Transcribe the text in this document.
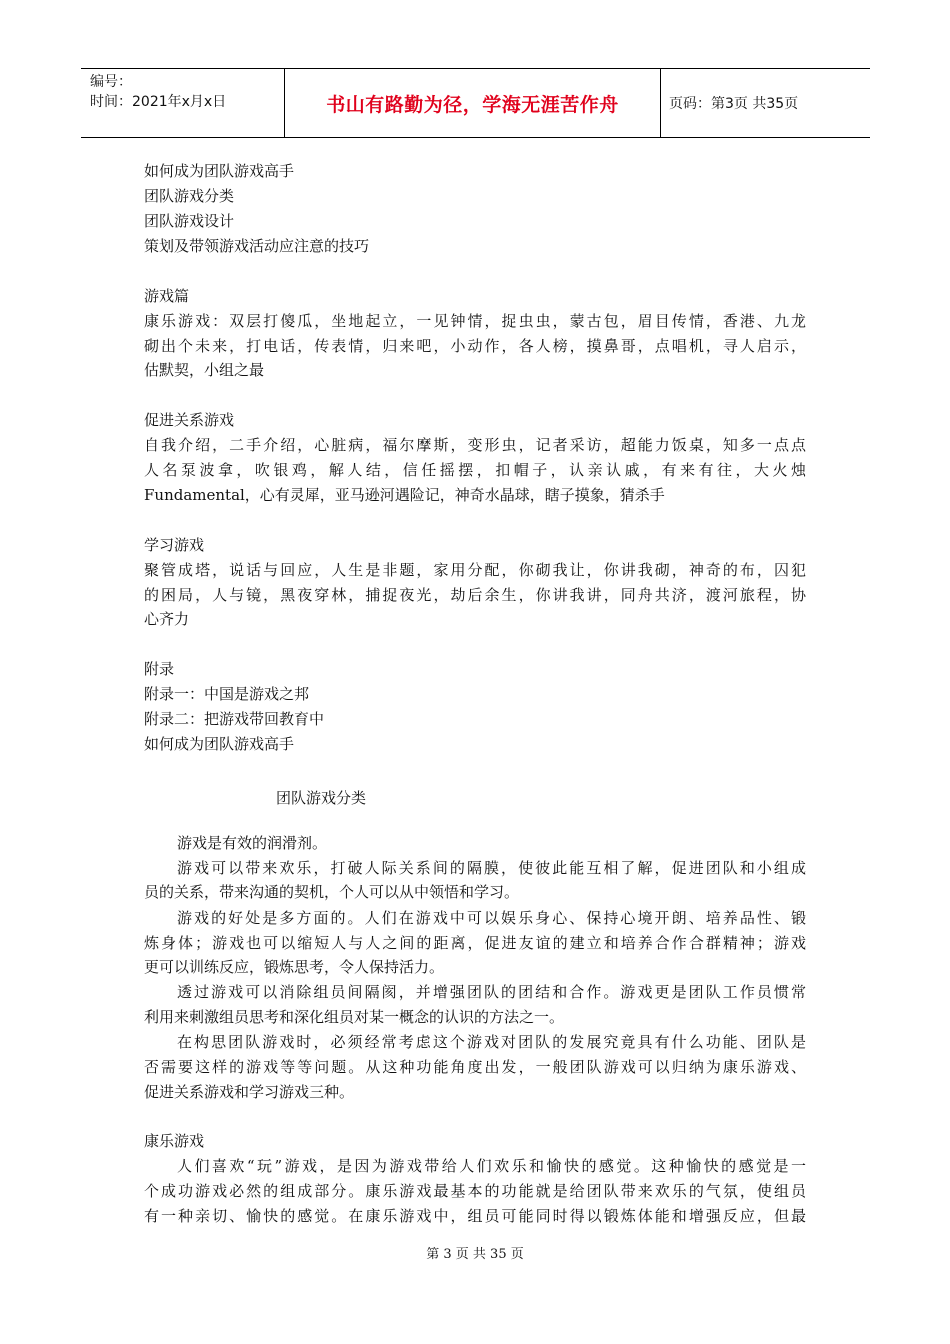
编号：
时间：2021年x月x日	书山有路勤为径，学海无涯苦作舟	页码：第3页 共35页
如何成为团队游戏高手
团队游戏分类
团队游戏设计
策划及带领游戏活动应注意的技巧
游戏篇
康乐游戏：双层打傻瓜，坐地起立，一见钟情，捉虫虫，蒙古包，眉目传情，香港、九龙
砌出个未来，打电话，传表情，归来吧，小动作，各人榜，摸鼻哥，点唱机，寻人启示，
估默契，小组之最
促进关系游戏
自我介绍，二手介绍，心脏病，福尔摩斯，变形虫，记者采访，超能力饭桌，知多一点点
人名泵波拿，吹银鸡，解人结，信任摇摆，扣帽子，认亲认戚，有来有往，大火烛
Fundamental，心有灵犀，亚马逊河遇险记，神奇水晶球，瞎子摸象，猜杀手
学习游戏
聚管成塔，说话与回应，人生是非题，家用分配，你砌我让，你讲我砌，神奇的布，囚犯
的困局，人与镜，黑夜穿林，捕捉夜光，劫后余生，你讲我讲，同舟共济，渡河旅程，协
心齐力
附录
附录一：中国是游戏之邦
附录二：把游戏带回教育中
如何成为团队游戏高手
团队游戏分类
游戏是有效的润滑剂。
游戏可以带来欢乐，打破人际关系间的隔膜，使彼此能互相了解，促进团队和小组成
员的关系，带来沟通的契机，个人可以从中领悟和学习。
游戏的好处是多方面的。人们在游戏中可以娱乐身心、保持心境开朗、培养品性、锻
炼身体；游戏也可以缩短人与人之间的距离，促进友谊的建立和培养合作合群精神；游戏
更可以训练反应，锻炼思考，令人保持活力。
透过游戏可以消除组员间隔阂，并增强团队的团结和合作。游戏更是团队工作员惯常
利用来刺激组员思考和深化组员对某一概念的认识的方法之一。
在构思团队游戏时，必须经常考虑这个游戏对团队的发展究竟具有什么功能、团队是
否需要这样的游戏等等问题。从这种功能角度出发，一般团队游戏可以归纳为康乐游戏、
促进关系游戏和学习游戏三种。
康乐游戏
人们喜欢“玩”游戏，是因为游戏带给人们欢乐和愉快的感觉。这种愉快的感觉是一
个成功游戏必然的组成部分。康乐游戏最基本的功能就是给团队带来欢乐的气氛，使组员
有一种亲切、愉快的感觉。在康乐游戏中，组员可能同时得以锻炼体能和增强反应，但最
第 3 页 共 35 页
